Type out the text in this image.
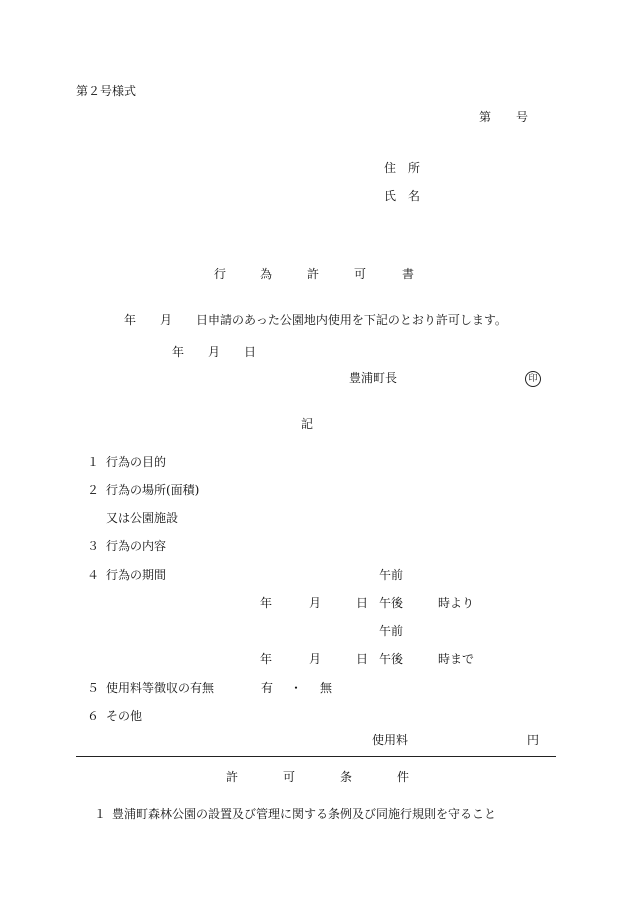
第２号様式
第 号
住　所
氏　名
行	為	許	可	書
年 月 日申請のあった公園地内使用を下記のとおり許可します。
年 月 日
豊浦町長	印
記
１ 行為の目的
２ 行為の場所(面積)
又は公園施設
３ 行為の内容
４ 行為の期間	午前
年	月	日 午後	時より
午前
年	月	日 午後	時まで
５ 使用料等徴収の有無	有 ・ 無
６ その他
使用料	円
許	可	条	件
１ 豊浦町森林公園の設置及び管理に関する条例及び同施行規則を守ること
